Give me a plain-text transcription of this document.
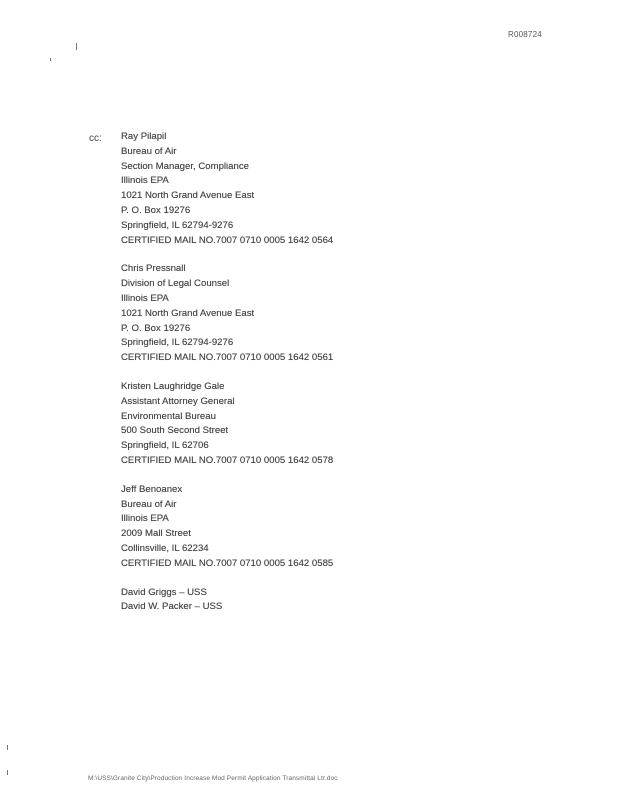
R008724
cc: Ray Pilapil
Bureau of Air
Section Manager, Compliance
Illinois EPA
1021 North Grand Avenue East
P. O. Box 19276
Springfield, IL 62794-9276
CERTIFIED MAIL NO.7007 0710 0005 1642 0564
Chris Pressnall
Division of Legal Counsel
Illinois EPA
1021 North Grand Avenue East
P. O. Box 19276
Springfield, IL 62794-9276
CERTIFIED MAIL NO.7007 0710 0005 1642 0561
Kristen Laughridge Gale
Assistant Attorney General
Environmental Bureau
500 South Second Street
Springfield, IL 62706
CERTIFIED MAIL NO.7007 0710 0005 1642 0578
Jeff Benoanex
Bureau of Air
Illinois EPA
2009 Mall Street
Collinsville, IL 62234
CERTIFIED MAIL NO.7007 0710 0005 1642 0585
David Griggs – USS
David W. Packer – USS
M:\USS\Granite City\Production Increase Mod Permit Application Transmittal Ltr.doc
